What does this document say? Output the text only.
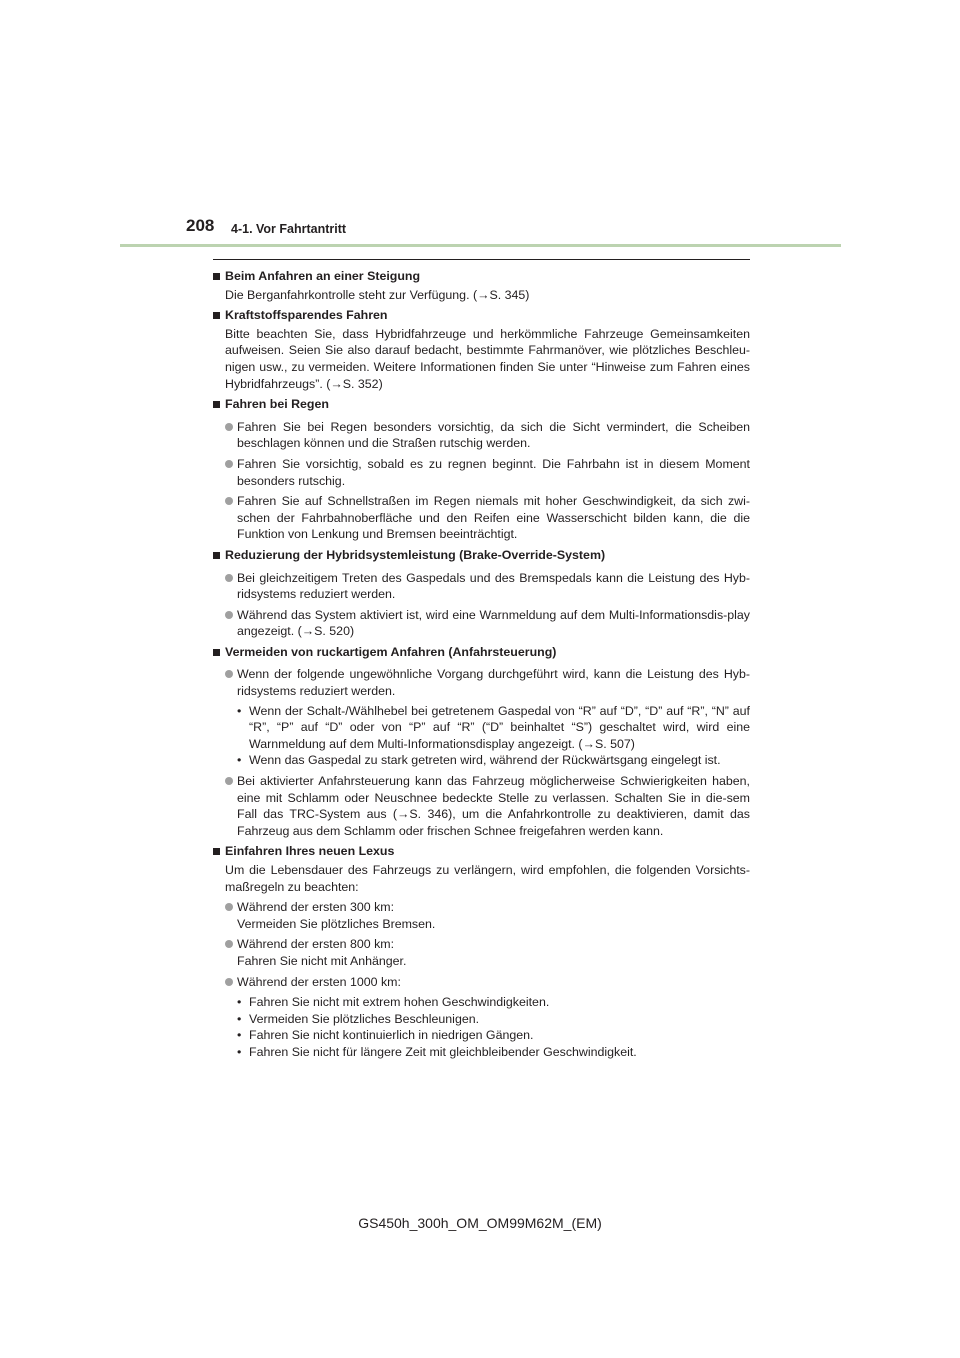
208 4-1. Vor Fahrtantritt
Beim Anfahren an einer Steigung

Die Berganfahrkontrolle steht zur Verfügung. (→S. 345)

Kraftstoffsparendes Fahren

Bitte beachten Sie, dass Hybridfahrzeuge und herkömmliche Fahrzeuge Gemeinsamkeiten aufweisen. Seien Sie also darauf bedacht, bestimmte Fahrmanöver, wie plötzliches Beschleu-nigen usw., zu vermeiden. Weitere Informationen finden Sie unter “Hinweise zum Fahren eines Hybridfahrzeugs”. (→S. 352)

Fahren bei Regen
Fahren Sie bei Regen besonders vorsichtig, da sich die Sicht vermindert, die Scheiben beschlagen können und die Straßen rutschig werden.
Fahren Sie vorsichtig, sobald es zu regnen beginnt. Die Fahrbahn ist in diesem Moment besonders rutschig.
Fahren Sie auf Schnellstraßen im Regen niemals mit hoher Geschwindigkeit, da sich zwi-schen der Fahrbahnoberfläche und den Reifen eine Wasserschicht bilden kann, die die Funktion von Lenkung und Bremsen beeinträchtigt.
Reduzierung der Hybridsystemleistung (Brake-Override-System)
Bei gleichzeitigem Treten des Gaspedals und des Bremspedals kann die Leistung des Hyb-ridsystems reduziert werden.
Während das System aktiviert ist, wird eine Warnmeldung auf dem Multi-Informationsdis-play angezeigt. (→S. 520)
Vermeiden von ruckartigem Anfahren (Anfahrsteuerung)
Wenn der folgende ungewöhnliche Vorgang durchgeführt wird, kann die Leistung des Hyb-ridsystems reduziert werden.
• Wenn der Schalt-/Wählhebel bei getretenem Gaspedal von “R” auf “D”, “D” auf “R”, “N” auf “R”, “P” auf “D” oder von “P” auf “R” (“D” beinhaltet “S”) geschaltet wird, wird eine Warnmeldung auf dem Multi-Informationsdisplay angezeigt. (→S. 507)
• Wenn das Gaspedal zu stark getreten wird, während der Rückwärtsgang eingelegt ist.
Bei aktivierter Anfahrsteuerung kann das Fahrzeug möglicherweise Schwierigkeiten haben, eine mit Schlamm oder Neuschnee bedeckte Stelle zu verlassen. Schalten Sie in die-sem Fall das TRC-System aus (→S. 346), um die Anfahrkontrolle zu deaktivieren, damit das Fahrzeug aus dem Schlamm oder frischen Schnee freigefahren werden kann.
Einfahren Ihres neuen Lexus

Um die Lebensdauer des Fahrzeugs zu verlängern, wird empfohlen, die folgenden Vorsichts-maßregeln zu beachten:

Während der ersten 300 km:
Vermeiden Sie plötzliches Bremsen.
Während der ersten 800 km:
Fahren Sie nicht mit Anhänger.
Während der ersten 1000 km:
• Fahren Sie nicht mit extrem hohen Geschwindigkeiten.
• Vermeiden Sie plötzliches Beschleunigen.
• Fahren Sie nicht kontinuierlich in niedrigen Gängen.
• Fahren Sie nicht für längere Zeit mit gleichbleibender Geschwindigkeit.
GS450h_300h_OM_OM99M62M_(EM)
